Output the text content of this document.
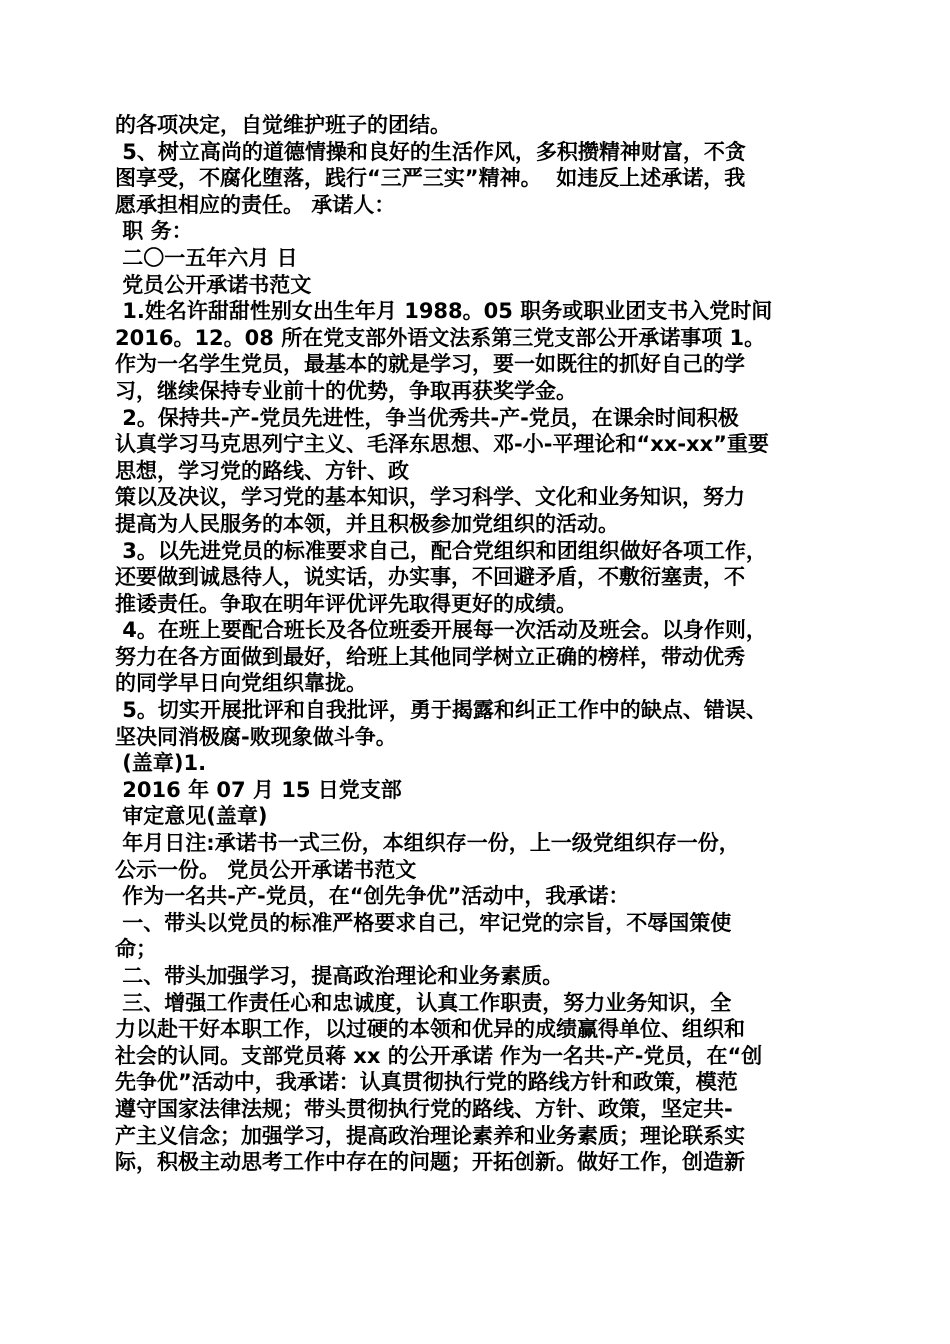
的各项决定，自觉维护班子的团结。
5、树立高尚的道德情操和良好的生活作风，多积攒精神财富，不贪
图享受，不腐化堕落，践行“三严三实”精神。  如违反上述承诺，我
愿承担相应的责任。 承诺人：
职 务：
二〇一五年六月 日
党员公开承诺书范文
1.姓名许甜甜性别女出生年月 1988。05 职务或职业团支书入党时间
2016。12。08 所在党支部外语文法系第三党支部公开承诺事项 1。
作为一名学生党员，最基本的就是学习，要一如既往的抓好自己的学
习，继续保持专业前十的优势，争取再获奖学金。
2。保持共-产-党员先进性，争当优秀共-产-党员，在课余时间积极
认真学习马克思列宁主义、毛泽东思想、邓-小-平理论和“xx-xx”重要
思想，学习党的路线、方针、政
策以及决议，学习党的基本知识，学习科学、文化和业务知识，努力
提高为人民服务的本领，并且积极参加党组织的活动。
3。以先进党员的标准要求自己，配合党组织和团组织做好各项工作，
还要做到诚恳待人，说实话，办实事，不回避矛盾，不敷衍塞责，不
推诿责任。争取在明年评优评先取得更好的成绩。
4。在班上要配合班长及各位班委开展每一次活动及班会。以身作则，
努力在各方面做到最好，给班上其他同学树立正确的榜样，带动优秀
的同学早日向党组织靠拢。
5。切实开展批评和自我批评，勇于揭露和纠正工作中的缺点、错误、
坚决同消极腐-败现象做斗争。
(盖章)1.
2016 年 07 月 15 日党支部
审定意见(盖章)
年月日注:承诺书一式三份，本组织存一份，上一级党组织存一份，
公示一份。 党员公开承诺书范文
作为一名共-产-党员，在“创先争优”活动中，我承诺：
一、带头以党员的标准严格要求自己，牢记党的宗旨，不辱国策使
命；
二、带头加强学习，提高政治理论和业务素质。
三、增强工作责任心和忠诚度，认真工作职责，努力业务知识，全
力以赴干好本职工作，以过硬的本领和优异的成绩赢得单位、组织和
社会的认同。支部党员蒋 xx 的公开承诺 作为一名共-产-党员，在“创
先争优”活动中，我承诺：认真贯彻执行党的路线方针和政策，模范
遵守国家法律法规；带头贯彻执行党的路线、方针、政策，坚定共-
产主义信念；加强学习，提高政治理论素养和业务素质；理论联系实
际，积极主动思考工作中存在的问题；开拓创新。做好工作，创造新
